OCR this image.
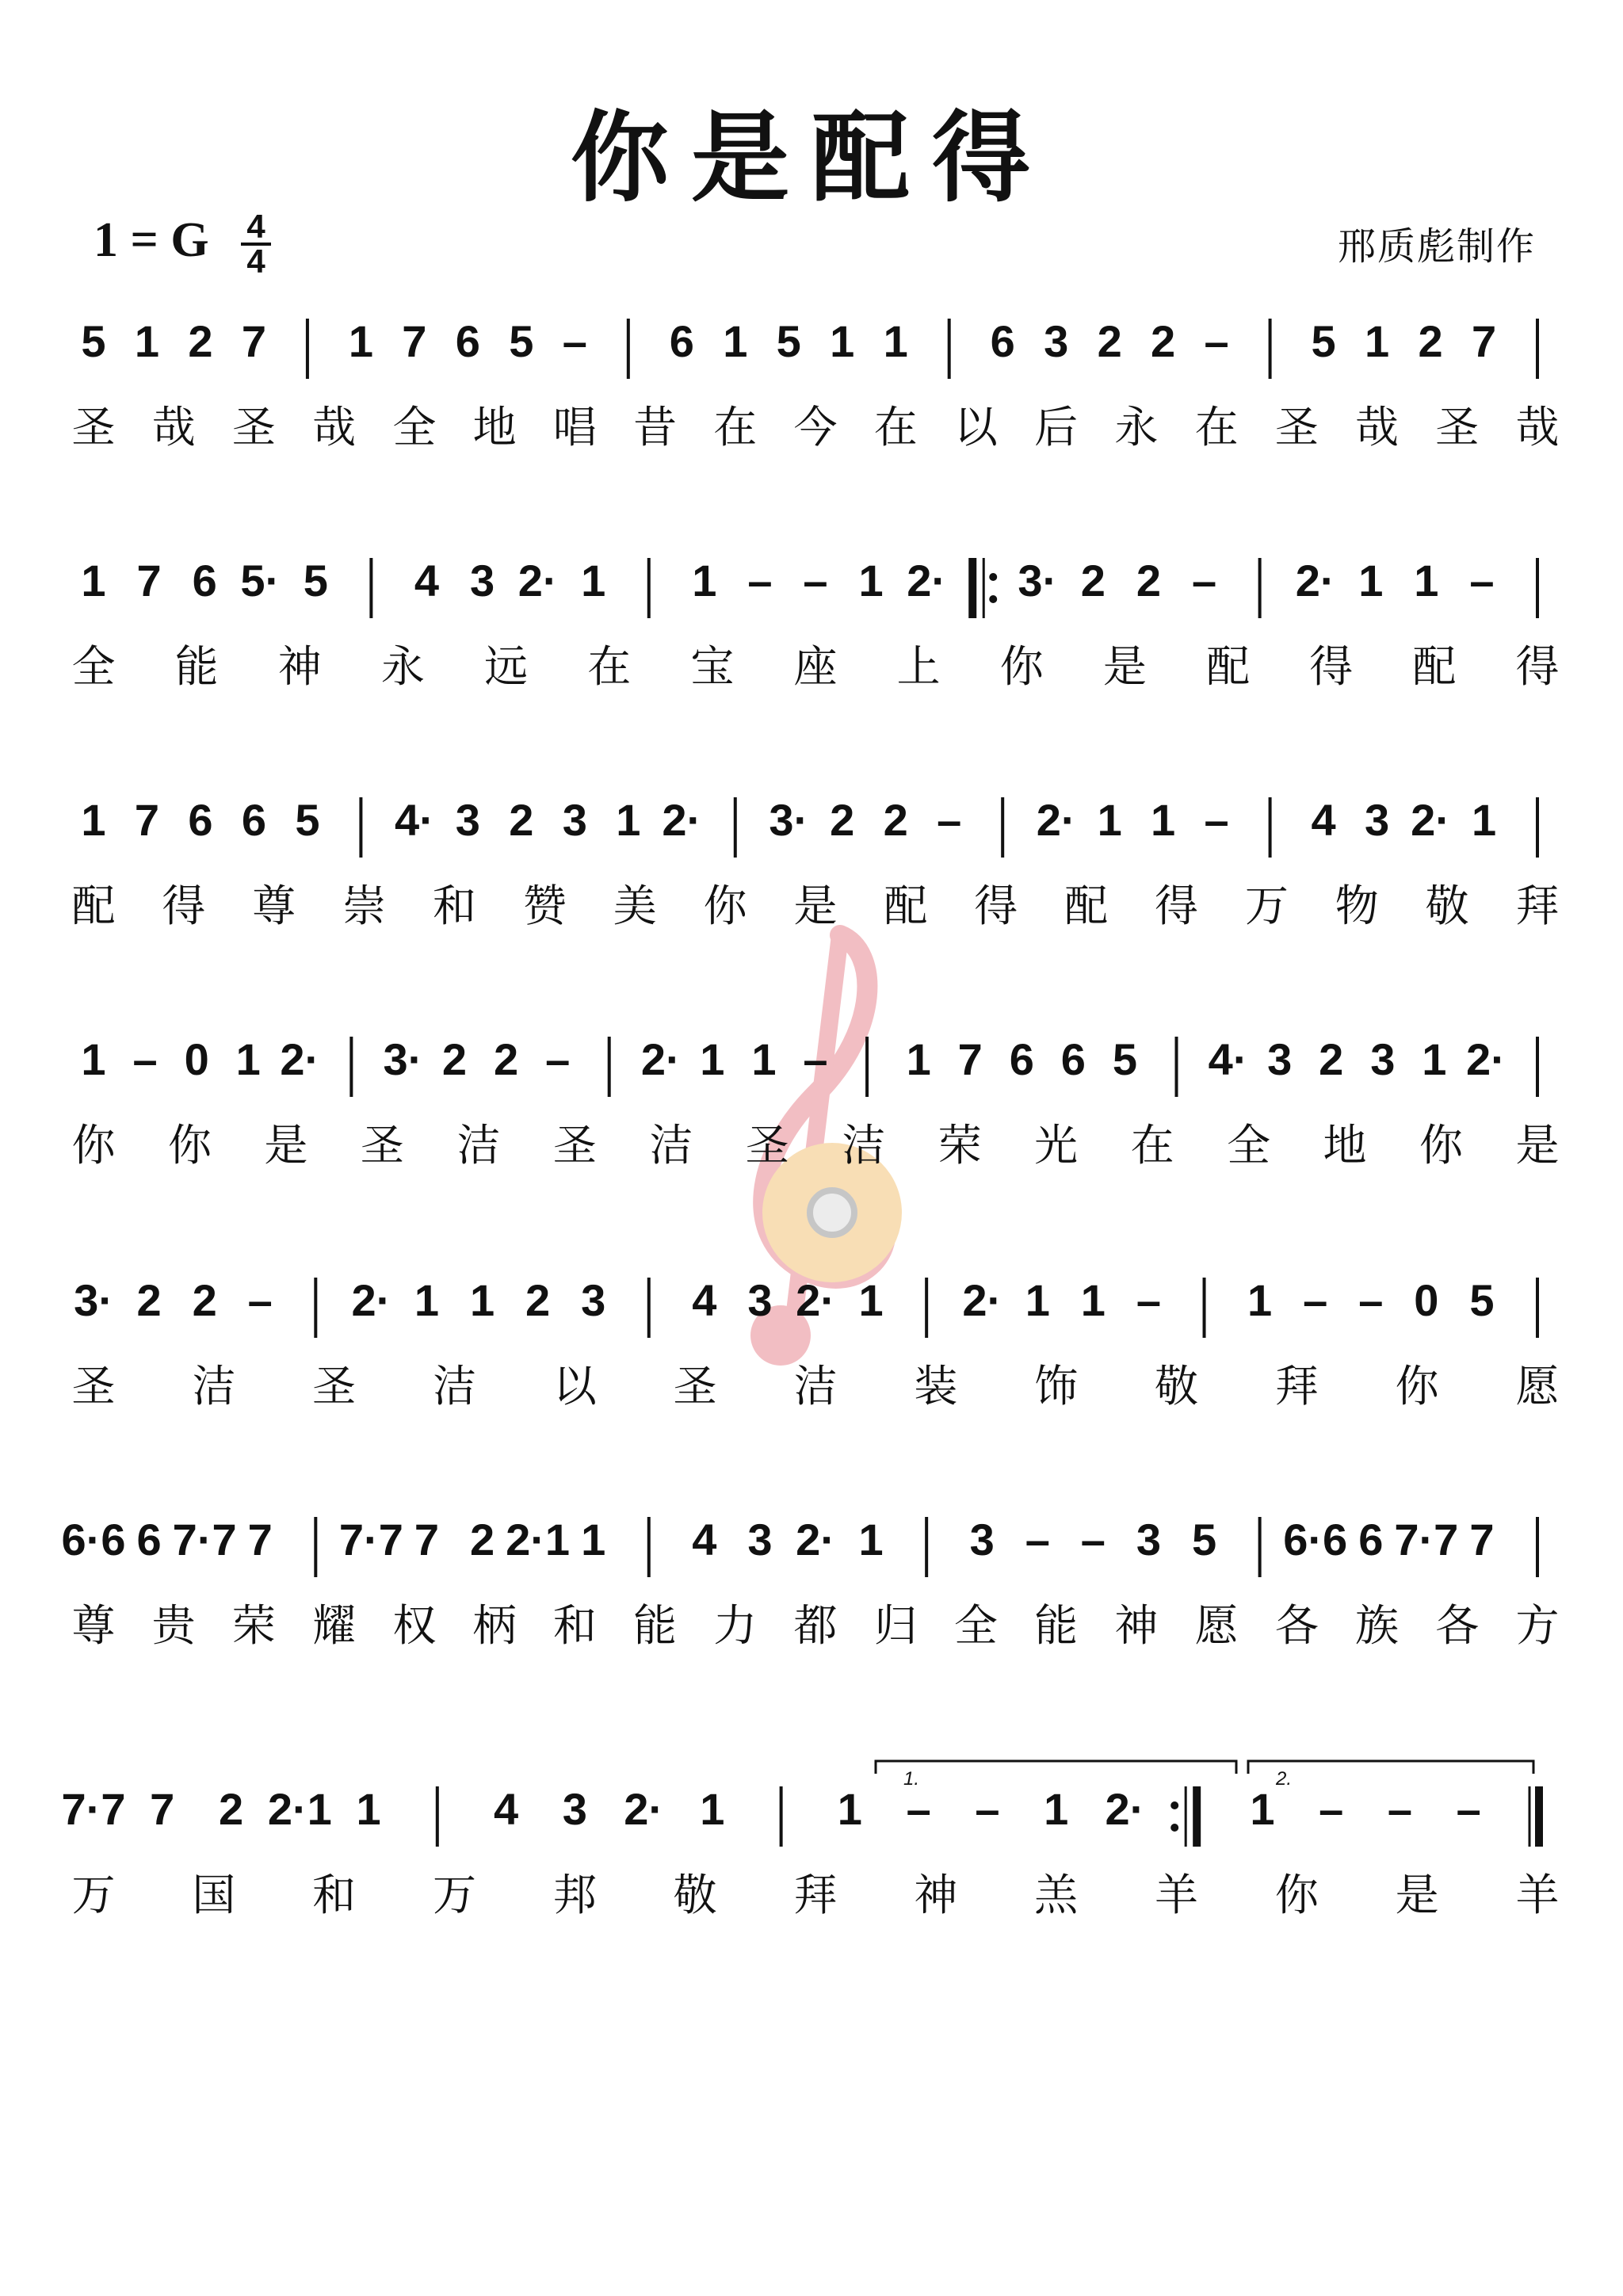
你是配得
1 = G 4
4	邢质彪制作
5 1 2 7 1 7 6 5 – 6 1 5 1 1 6 3 2 2 – 5 1 2 7
圣 哉 圣 哉 全 地 唱 昔 在 今 在 以 后 永 在 圣 哉 圣 哉
1 7 6 5· 5 4 3 2· 1 1 – – 1 2· 3· 2 2 – 2· 1 1 –
全 能 神 永 远 在 宝 座 上 你 是 配 得 配 得
1 7 6 6 5 4· 3 2 3 1 2· 3· 2 2 – 2· 1 1 – 4 3 2· 1
配 得 尊 崇 和 赞 美 你 是 配 得 配 得 万 物 敬 拜
1 – 0 1 2· 3· 2 2 – 2· 1 1 – 1 7 6 6 5 4· 3 2 3 1 2·
你 你 是 圣 洁 圣 洁 圣 洁 荣 光 在 全 地 你 是
3· 2 2 – 2· 1 1 2 3 4 3 2· 1 2· 1 1 – 1 – – 0 5
圣 洁 圣 洁 以 圣 洁 装 饰 敬 拜 你 愿
6·6 6 7·7 7 7·7 7 2 2·1 1 4 3 2· 1 3 – – 3 5 6·6 6 7·7 7
尊 贵 荣 耀 权 柄 和 能 力 都 归 全 能 神 愿 各 族 各 方
7·7 7 2 2·1 1	4 3 2· 1	1 – – 1 2· 1 – – –
万 国 和 万 邦 敬 拜 神 羔 羊 你 是 羊
1.	2.
